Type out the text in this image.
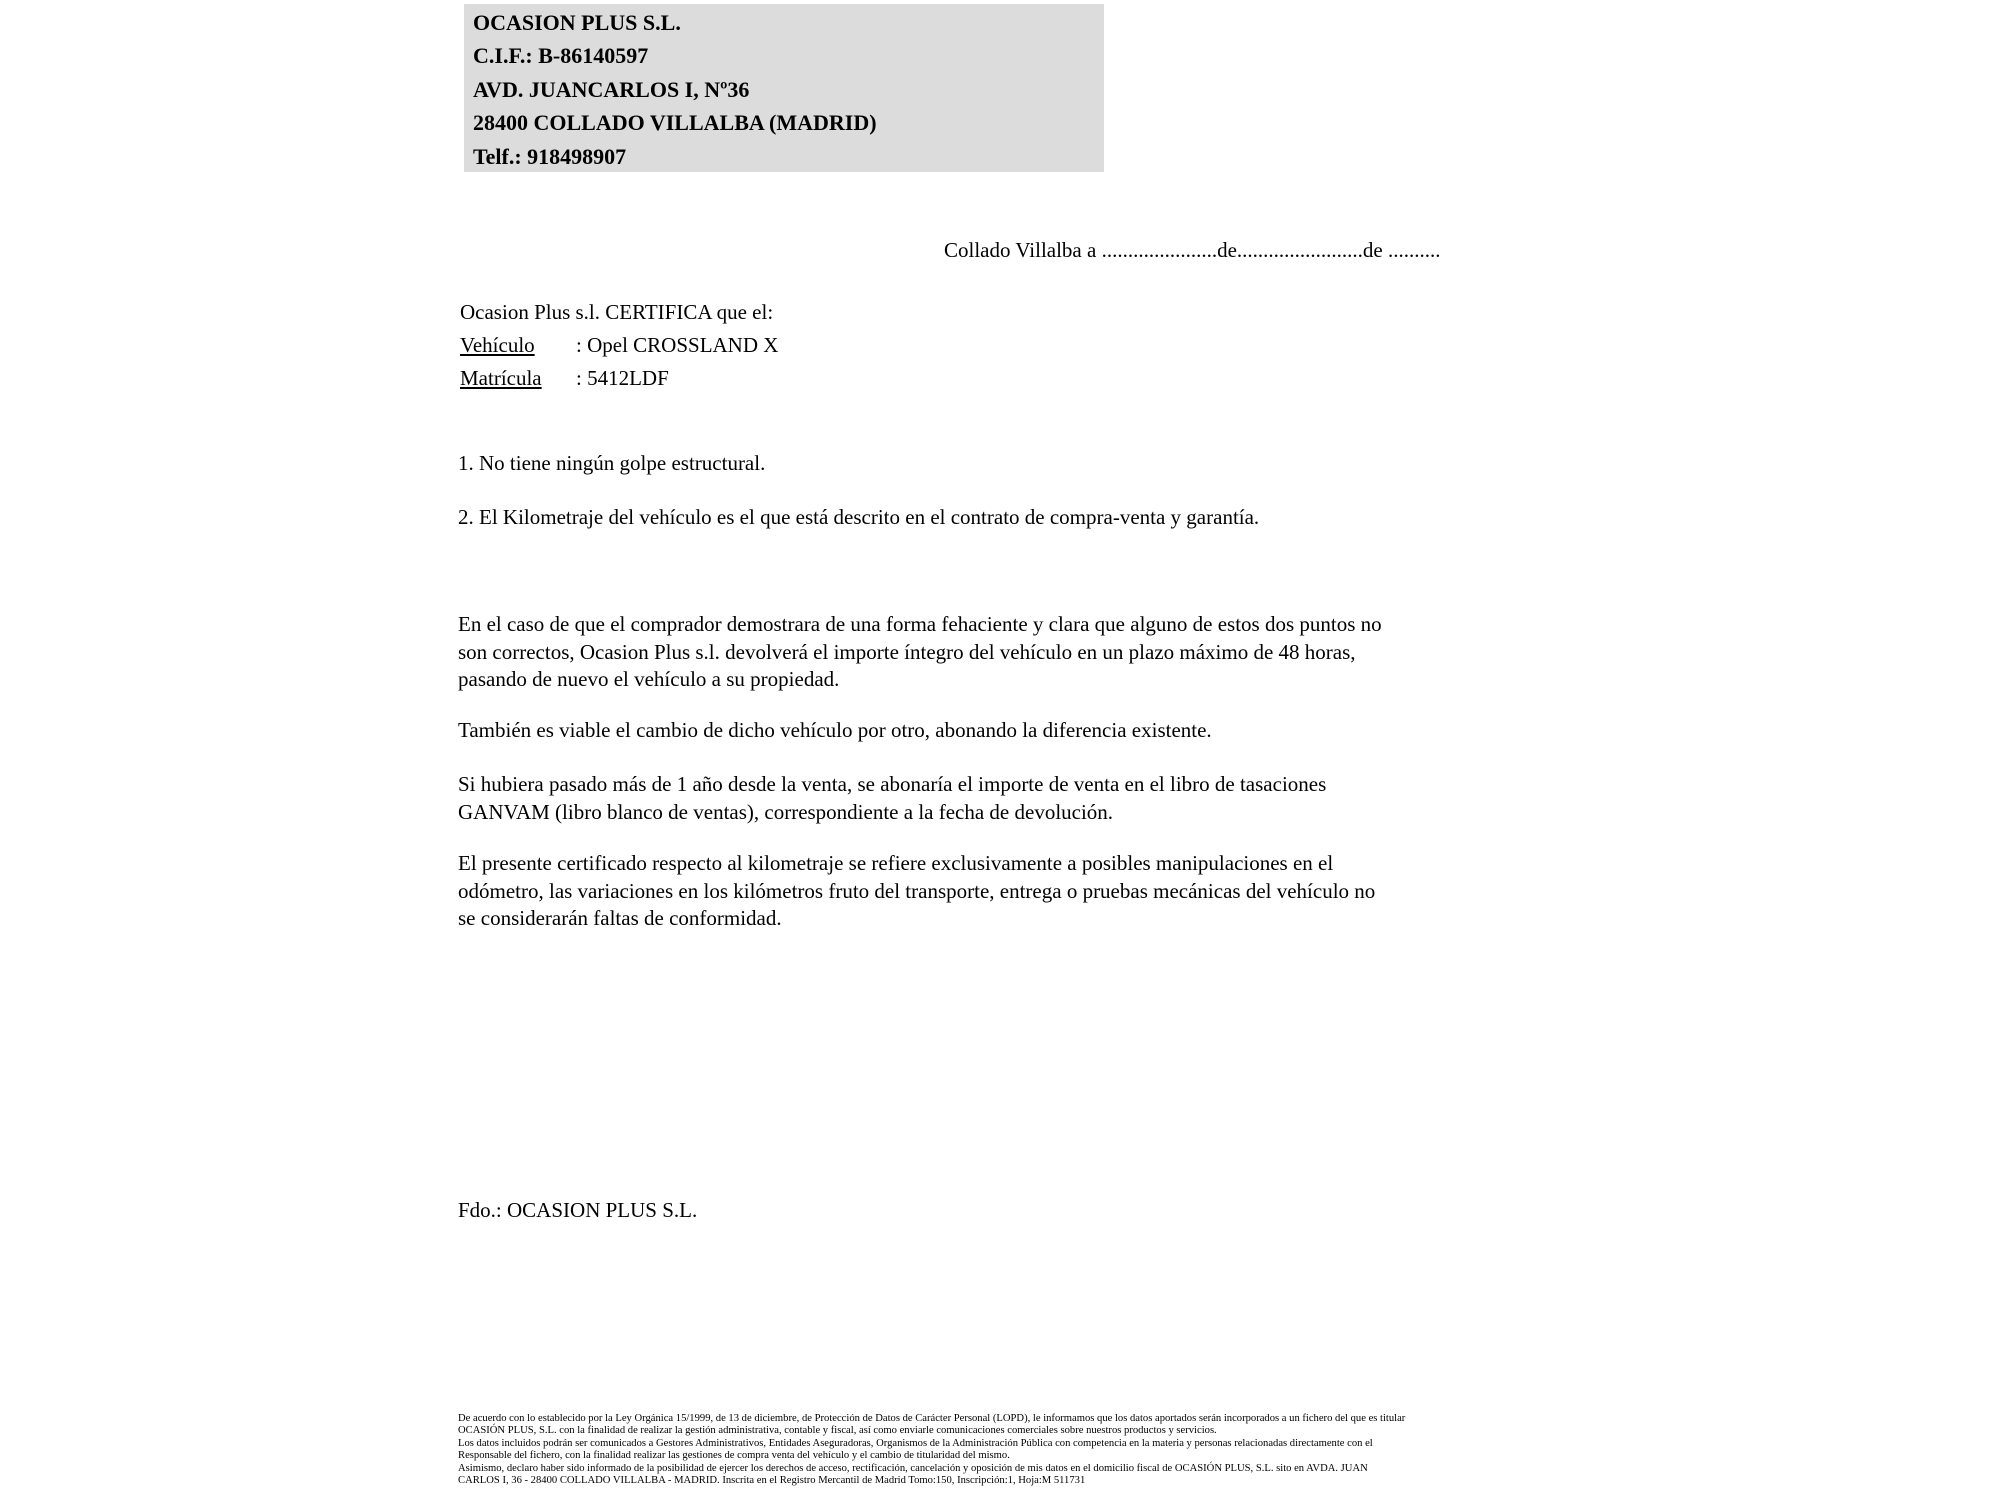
OCASION PLUS S.L.
C.I.F.: B-86140597
AVD. JUANCARLOS I, Nº36
28400 COLLADO VILLALBA (MADRID)
Telf.: 918498907
Collado Villalba a ......................de........................de ..........
Ocasion Plus s.l. CERTIFICA que el:
Vehículo : Opel CROSSLAND X
Matrícula : 5412LDF
1. No tiene ningún golpe estructural.
2. El Kilometraje del vehículo es el que está descrito en el contrato de compra-venta y garantía.
En el caso de que el comprador demostrara de una forma fehaciente y clara que alguno de estos dos puntos no
son correctos, Ocasion Plus s.l. devolverá el importe íntegro del vehículo en un plazo máximo de 48 horas,
pasando de nuevo el vehículo a su propiedad.
También es viable el cambio de dicho vehículo por otro, abonando la diferencia existente.
Si hubiera pasado más de 1 año desde la venta, se abonaría el importe de venta en el libro de tasaciones
GANVAM (libro blanco de ventas), correspondiente a la fecha de devolución.
El presente certificado respecto al kilometraje se refiere exclusivamente a posibles manipulaciones en el
odómetro, las variaciones en los kilómetros fruto del transporte, entrega o pruebas mecánicas del vehículo no
se considerarán faltas de conformidad.
Fdo.: OCASION PLUS S.L.
De acuerdo con lo establecido por la Ley Orgánica 15/1999, de 13 de diciembre, de Protección de Datos de Carácter Personal (LOPD), le informamos que los datos aportados serán incorporados a un fichero del que es titular
OCASIÓN PLUS, S.L. con la finalidad de realizar la gestión administrativa, contable y fiscal, así como enviarle comunicaciones comerciales sobre nuestros productos y servicios.
Los datos incluidos podrán ser comunicados a Gestores Administrativos, Entidades Aseguradoras, Organismos de la Administración Pública con competencia en la materia y personas relacionadas directamente con el
Responsable del fichero, con la finalidad realizar las gestiones de compra venta del vehículo y el cambio de titularidad del mismo.
Asimismo, declaro haber sido informado de la posibilidad de ejercer los derechos de acceso, rectificación, cancelación y oposición de mis datos en el domicilio fiscal de OCASIÓN PLUS, S.L. sito en AVDA. JUAN
CARLOS I, 36 - 28400 COLLADO VILLALBA - MADRID. Inscrita en el Registro Mercantil de Madrid Tomo:150, Inscripción:1, Hoja:M 511731
